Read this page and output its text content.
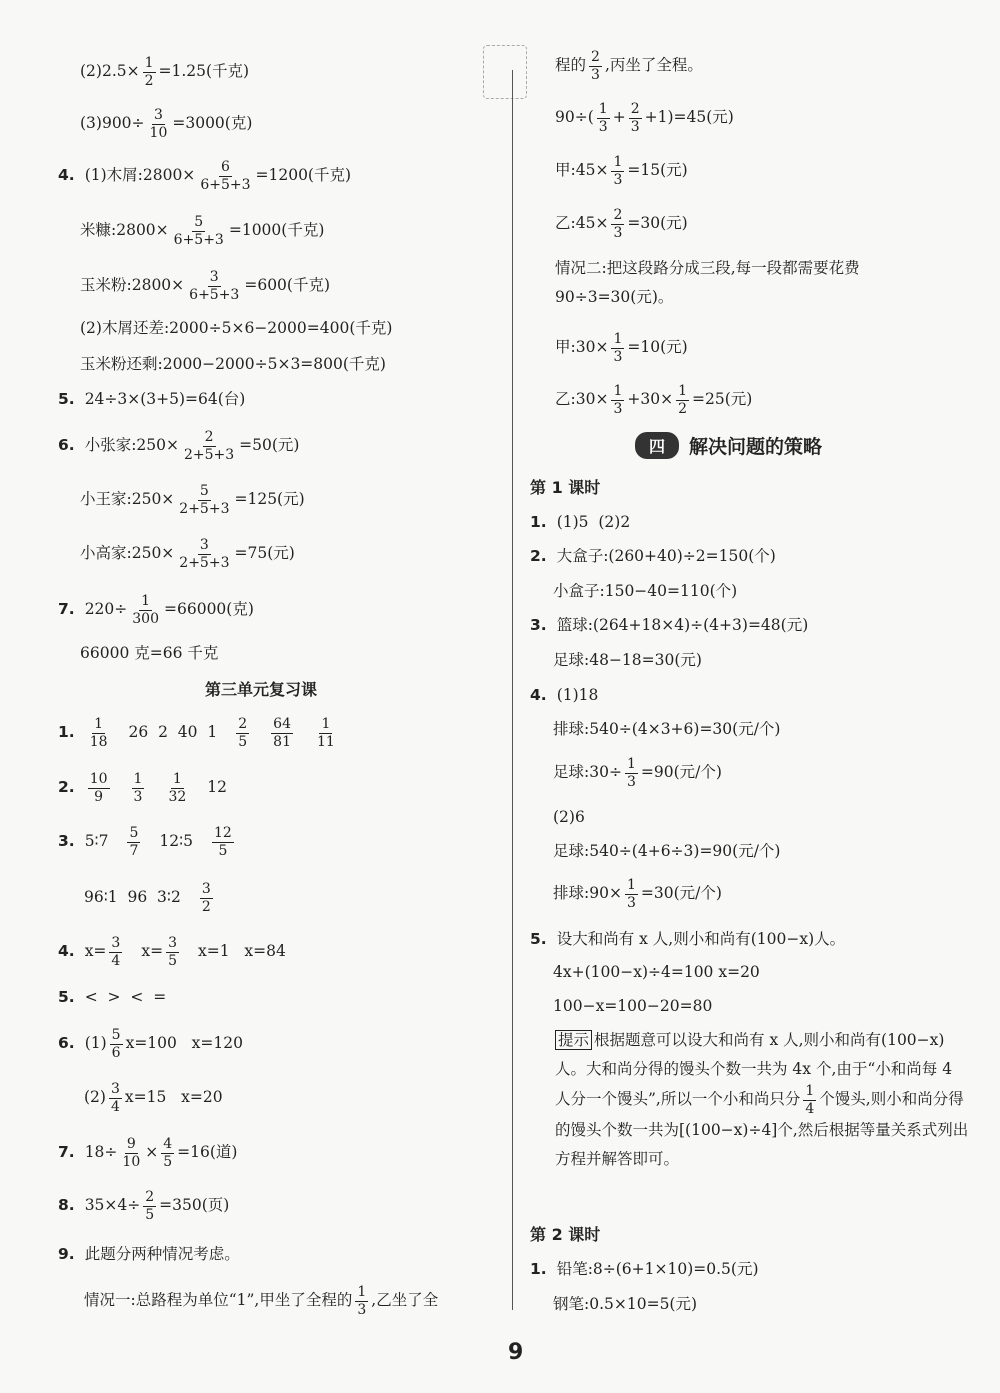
$(2)2.5\times \frac{1}{2} =1.25$(千克)
$(3)900\div \frac{3}{10} =3000$(克)
4. (1)木屑:2800× $\frac{6}{6+5+3} =1200$(千克)
米糠:2800× $\frac{5}{6+5+3} =1000$(千克)
玉米粉:2800× $\frac{3}{6+5+3} =600$(千克)
(2)木屑还差:2000÷5×6−2000=400(千克)
玉米粉还剩:2000−2000÷5×3=800(千克)
5. 24÷3×(3+5)=64(台)
6. 小张家:250× $\frac{2}{2+5+3} =50$(元)
小王家:250× $\frac{5}{2+5+3} =125$(元)
小高家:250× $\frac{3}{2+5+3} =75$(元)
7. $220\div \frac{1}{300} =66000$(克)
66000 克=66 千克
第三单元复习课
1. $\frac{1}{18} 26$  2  40  $1 \frac{2}{5} \frac{64}{81} \frac{1}{11}$
2. $\frac{10}{9} \frac{1}{3} \frac{1}{32} 12$
3. 5∶7 $\frac{5}{7}$ 12∶5 $\frac{12}{5}$
96∶1  96  3∶2 $\frac{3}{2}$
4. $x= \frac{3}{4} x= \frac{3}{5} x=1$   x=84
5. <  >  <  =
6. $(1) \frac{5}{6} x=100$   x=120
$(2) \frac{3}{4} x=15$   x=20
7. $18\div \frac{9}{10} \times \frac{4}{5} =16$(道)
8. $35\times 4\div \frac{2}{5} =350$(页)
9. 此题分两种情况考虑。
情况一:总路程为单位“1”,甲坐了全程的 $\frac{1}{3}$ ,乙坐了全
程的 $\frac{2}{3}$ ,丙坐了全程。
$90\div( \frac{1}{3} + \frac{2}{3} +1)=45$(元)
甲:45× $\frac{1}{3} =15$(元)
乙:45× $\frac{2}{3} =30$(元)
情况二:把这段路分成三段,每一段都需要花费90÷3=30(元)。
甲:30× $\frac{1}{3} =10$(元)
乙:30× $\frac{1}{3} +30\times \frac{1}{2} =25$(元)
四	解决问题的策略
第 1 课时
1. (1)5  (2)2
2. 大盒子:(260+40)÷2=150(个)
小盒子:150−40=110(个)
3. 篮球:(264+18×4)÷(4+3)=48(元)
足球:48−18=30(元)
4. (1)18
排球:540÷(4×3+6)=30(元/个)
足球:30÷ $\frac{1}{3} =90$(元/个)
(2)6
足球:540÷(4+6÷3)=90(元/个)
排球:90× $\frac{1}{3} =30$(元/个)
5. 设大和尚有 x 人,则小和尚有(100−x)人。
4x+(100−x)÷4=100 x=20
100−x=100−20=80
提示 根据题意可以设大和尚有 x 人,则小和尚有(100−x)人。大和尚分得的馒头个数一共为 4x 个,由于“小和尚每 4 人分一个馒头”,所以一个小和尚只分 $\frac{1}{4}$ 个馒头,则小和尚分得的馒头个数一共为[(100−x)÷4]个,然后根据等量关系式列出方程并解答即可。
第 2 课时
1. 铅笔:8÷(6+1×10)=0.5(元)
钢笔:0.5×10=5(元)
9
